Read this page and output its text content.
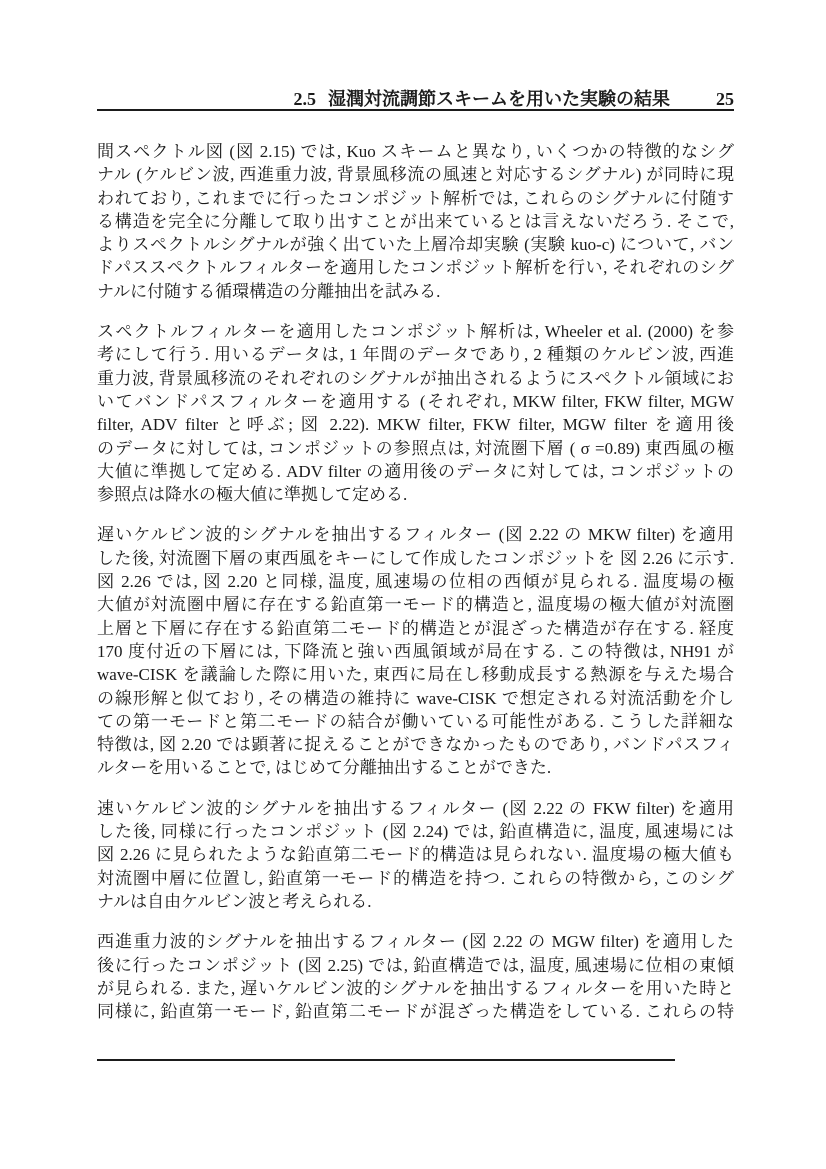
2.5 湿潤対流調節スキームを用いた実験の結果	25
間スペクトル図 (図 2.15) では, Kuo スキームと異なり, いくつかの特徴的なシグ
ナル (ケルビン波, 西進重力波, 背景風移流の風速と対応するシグナル) が同時に現
われており, これまでに行ったコンポジット解析では, これらのシグナルに付随す
る構造を完全に分離して取り出すことが出来ているとは言えないだろう. そこで,
よりスペクトルシグナルが強く出ていた上層冷却実験 (実験 kuo-c) について, バン
ドパススペクトルフィルターを適用したコンポジット解析を行い, それぞれのシグ
ナルに付随する循環構造の分離抽出を試みる.
スペクトルフィルターを適用したコンポジット解析は, Wheeler et al. (2000) を参
考にして行う. 用いるデータは, 1 年間のデータであり, 2 種類のケルビン波, 西進
重力波, 背景風移流のそれぞれのシグナルが抽出されるようにスペクトル領域にお
いてバンドパスフィルターを適用する (それぞれ, MKW filter, FKW filter, MGW
filter, ADV filter と呼ぶ; 図 2.22). MKW filter, FKW filter, MGW filter を適用後
のデータに対しては, コンポジットの参照点は, 対流圏下層 ( σ =0.89) 東西風の極
大値に準拠して定める. ADV filter の適用後のデータに対しては, コンポジットの
参照点は降水の極大値に準拠して定める.
遅いケルビン波的シグナルを抽出するフィルター (図 2.22 の MKW filter) を適用
した後, 対流圏下層の東西風をキーにして作成したコンポジットを 図 2.26 に示す.
図 2.26 では, 図 2.20 と同様, 温度, 風速場の位相の西傾が見られる. 温度場の極
大値が対流圏中層に存在する鉛直第一モード的構造と, 温度場の極大値が対流圏
上層と下層に存在する鉛直第二モード的構造とが混ざった構造が存在する. 経度
170 度付近の下層には, 下降流と強い西風領域が局在する. この特徴は, NH91 が
wave-CISK を議論した際に用いた, 東西に局在し移動成長する熱源を与えた場合
の線形解と似ており, その構造の維持に wave-CISK で想定される対流活動を介し
ての第一モードと第二モードの結合が働いている可能性がある. こうした詳細な
特徴は, 図 2.20 では顕著に捉えることができなかったものであり, バンドパスフィ
ルターを用いることで, はじめて分離抽出することができた.
速いケルビン波的シグナルを抽出するフィルター (図 2.22 の FKW filter) を適用
した後, 同様に行ったコンポジット (図 2.24) では, 鉛直構造に, 温度, 風速場には
図 2.26 に見られたような鉛直第二モード的構造は見られない. 温度場の極大値も
対流圏中層に位置し, 鉛直第一モード的構造を持つ. これらの特徴から, このシグ
ナルは自由ケルビン波と考えられる.
西進重力波的シグナルを抽出するフィルター (図 2.22 の MGW filter) を適用した
後に行ったコンポジット (図 2.25) では, 鉛直構造では, 温度, 風速場に位相の東傾
が見られる. また, 遅いケルビン波的シグナルを抽出するフィルターを用いた時と
同様に, 鉛直第一モード, 鉛直第二モードが混ざった構造をしている. これらの特
